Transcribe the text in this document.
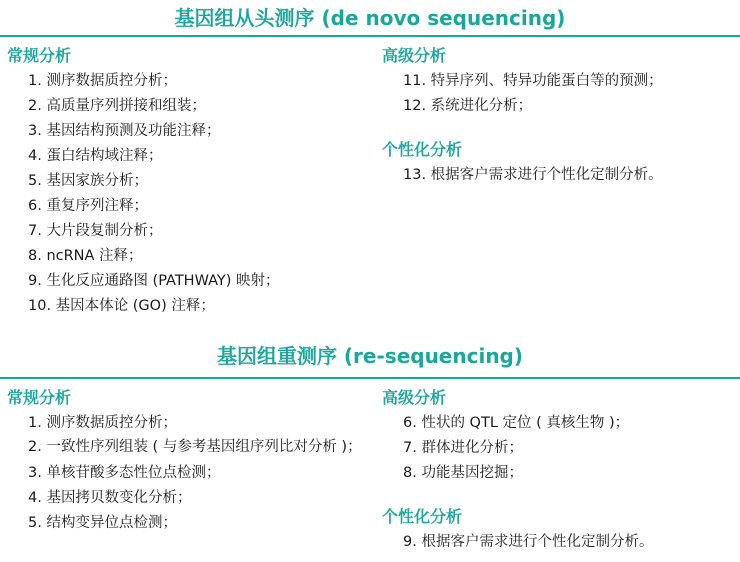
基因组从头测序 (de novo sequencing)

常规分析

1. 测序数据质控分析；
2. 高质量序列拼接和组装；
3. 基因结构预测及功能注释；
4. 蛋白结构域注释；
5. 基因家族分析；
6. 重复序列注释；
7. 大片段复制分析；
8. ncRNA 注释；
9. 生化反应通路图 (PATHWAY) 映射；
10. 基因本体论 (GO) 注释；

高级分析

11. 特异序列、特异功能蛋白等的预测；
12. 系统进化分析；

个性化分析

13. 根据客户需求进行个性化定制分析。
基因组重测序 (re-sequencing)

常规分析

1. 测序数据质控分析；
2. 一致性序列组装 ( 与参考基因组序列比对分析 )；
3. 单核苷酸多态性位点检测；
4. 基因拷贝数变化分析；
5. 结构变异位点检测；

高级分析

6. 性状的 QTL 定位 ( 真核生物 )；
7. 群体进化分析；
8. 功能基因挖掘；

个性化分析

9. 根据客户需求进行个性化定制分析。
